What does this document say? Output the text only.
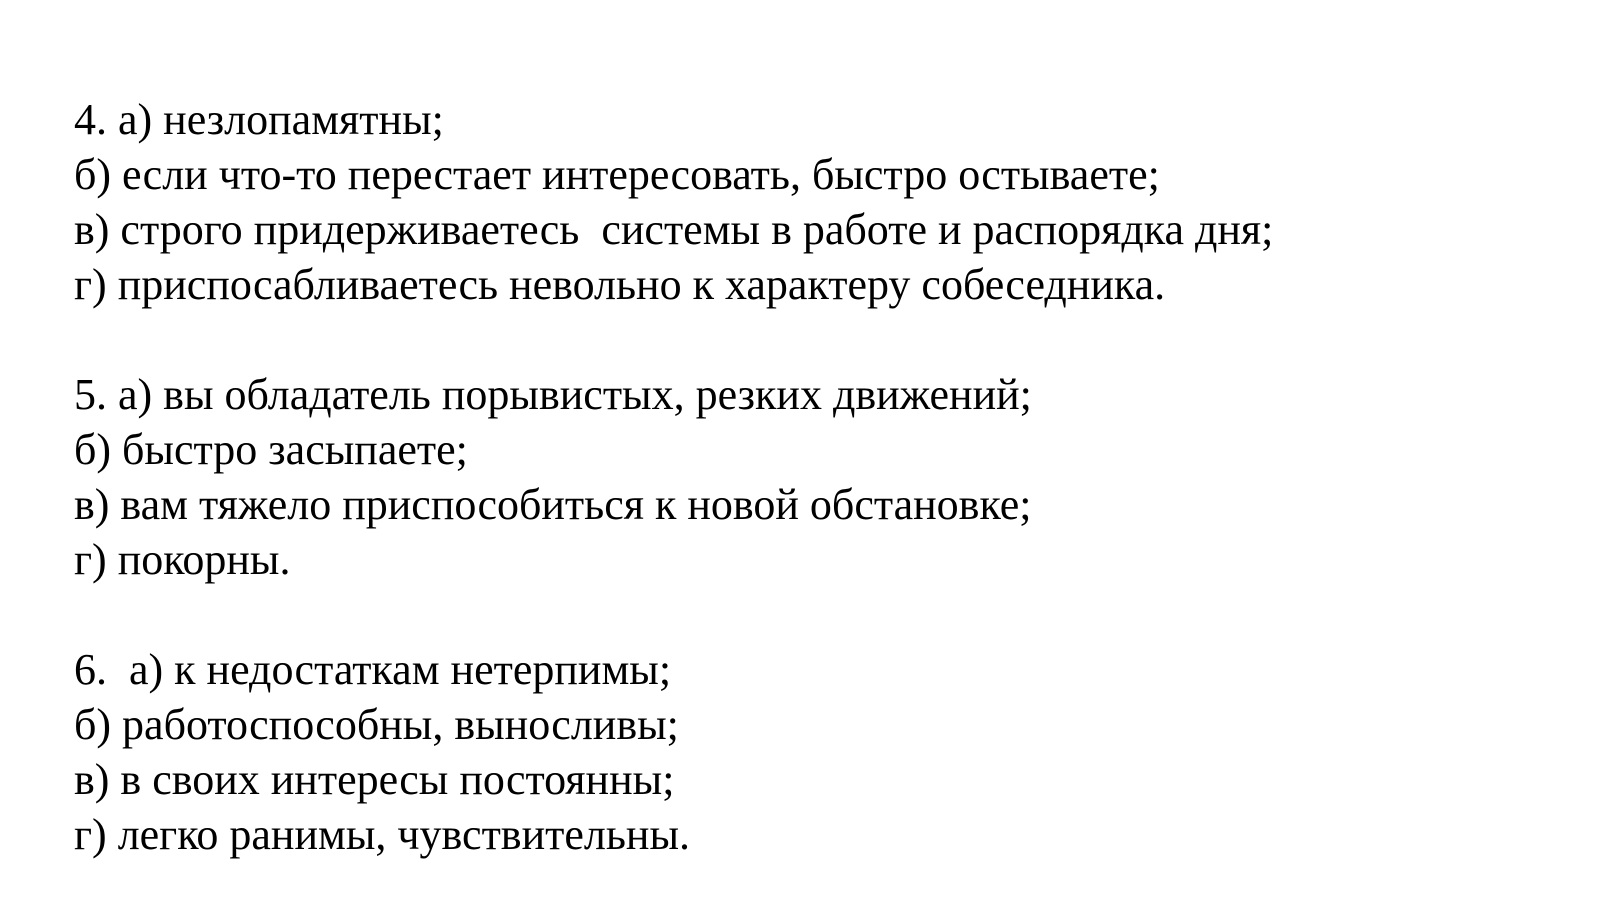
4. а) незлопамятны;
б) если что-то перестает интересовать, быстро остываете;
в) строго придерживаетесь  системы в работе и распорядка дня;
г) приспосабливаетесь невольно к характеру собеседника.
5. а) вы обладатель порывистых, резких движений;
б) быстро засыпаете;
в) вам тяжело приспособиться к новой обстановке;
г) покорны.
6.  а) к недостаткам нетерпимы;
б) работоспособны, выносливы;
в) в своих интересы постоянны;
г) легко ранимы, чувствительны.
